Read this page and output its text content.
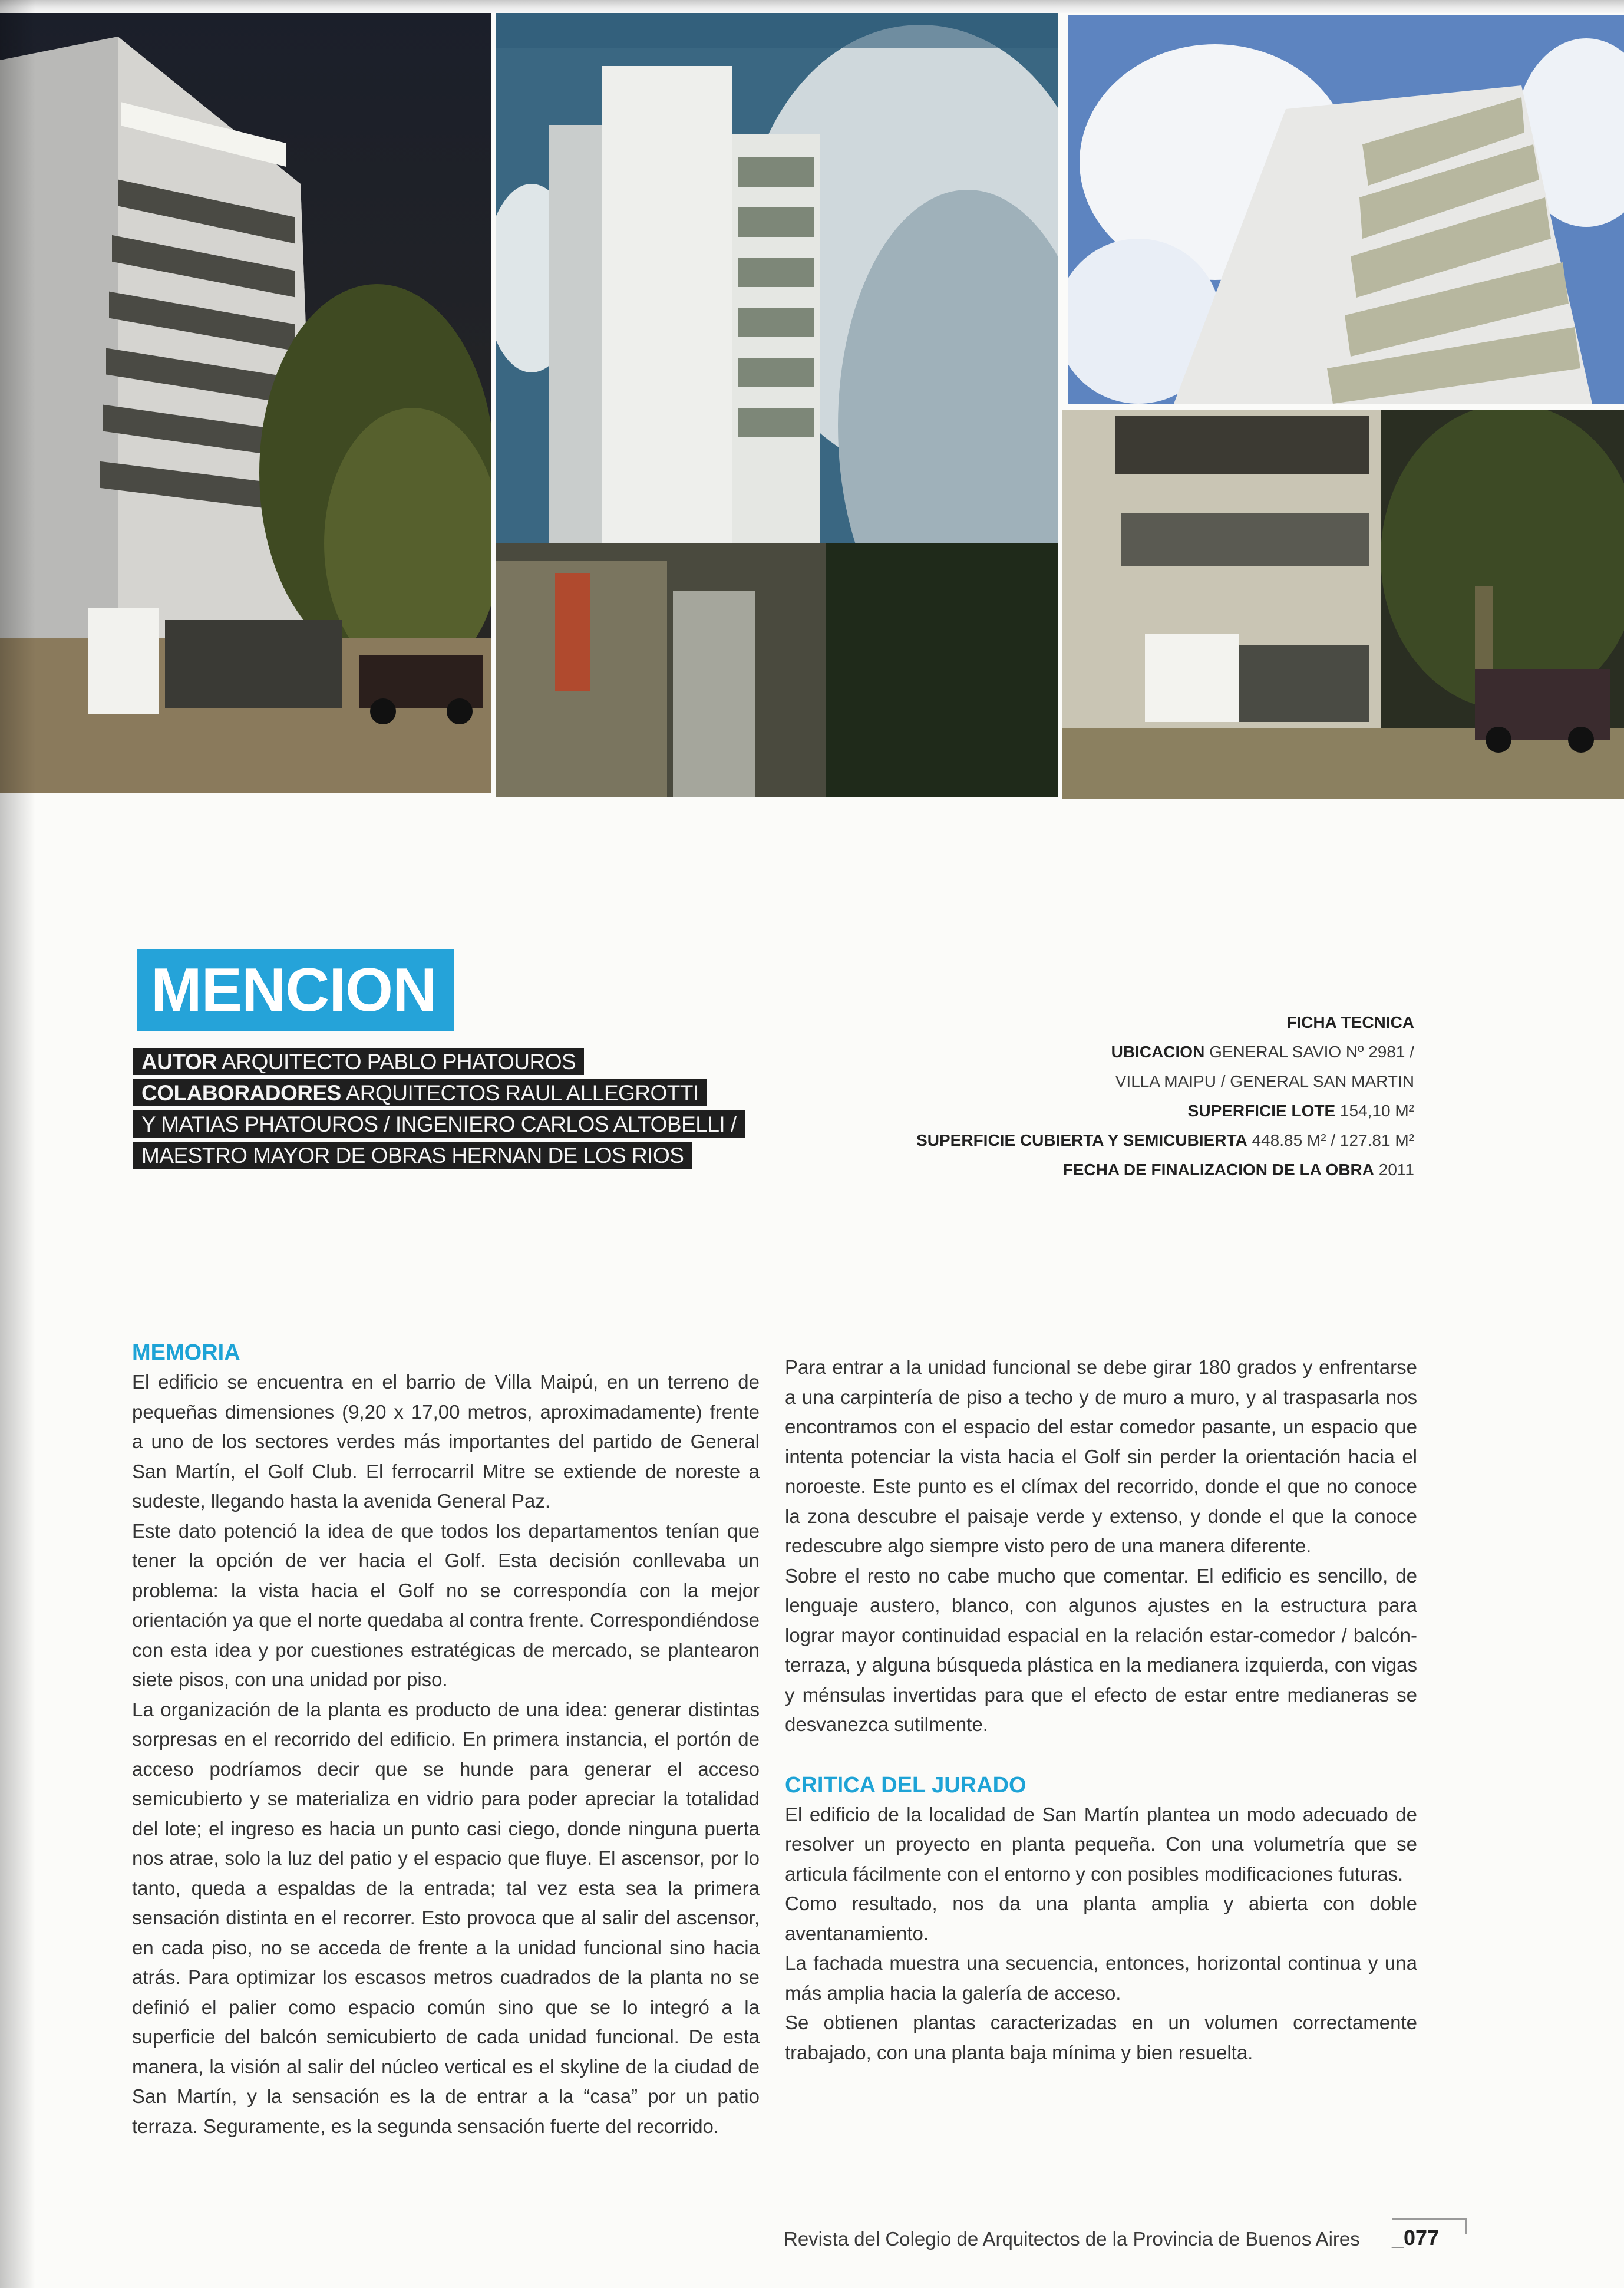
MENCION
AUTOR ARQUITECTO PABLO PHATOUROS
COLABORADORES ARQUITECTOS RAUL ALLEGROTTI
Y MATIAS PHATOUROS / INGENIERO CARLOS ALTOBELLI /
MAESTRO MAYOR DE OBRAS HERNAN DE LOS RIOS
FICHA TECNICA
UBICACION GENERAL SAVIO Nº 2981 /
VILLA MAIPU / GENERAL SAN MARTIN
SUPERFICIE LOTE 154,10 M²
SUPERFICIE CUBIERTA Y SEMICUBIERTA 448.85 M² / 127.81 M²
FECHA DE FINALIZACION DE LA OBRA 2011
MEMORIA

El edificio se encuentra en el barrio de Villa Maipú, en un terreno de pequeñas dimensiones (9,20 x 17,00 metros, aproximadamente) frente a uno de los sectores verdes más importantes del partido de General San Martín, el Golf Club. El ferrocarril Mitre se extiende de noreste a sudeste, llegando hasta la avenida General Paz.

Este dato potenció la idea de que todos los departamentos tenían que tener la opción de ver hacia el Golf. Esta decisión conllevaba un problema: la vista hacia el Golf no se correspondía con la mejor orientación ya que el norte quedaba al contra frente. Correspondiéndose con esta idea y por cuestiones estratégicas de mercado, se plantearon siete pisos, con una unidad por piso.

La organización de la planta es producto de una idea: generar distintas sorpresas en el recorrido del edificio. En primera instancia, el portón de acceso podríamos decir que se hunde para generar el acceso semicubierto y se materializa en vidrio para poder apreciar la totalidad del lote; el ingreso es hacia un punto casi ciego, donde ninguna puerta nos atrae, solo la luz del patio y el espacio que fluye. El ascensor, por lo tanto, queda a espaldas de la entrada; tal vez esta sea la primera sensación distinta en el recorrer. Esto provoca que al salir del ascensor, en cada piso, no se acceda de frente a la unidad funcional sino hacia atrás. Para optimizar los escasos metros cuadrados de la planta no se definió el palier como espacio común sino que se lo integró a la superficie del balcón semicubierto de cada unidad funcional. De esta manera, la visión al salir del núcleo vertical es el skyline de la ciudad de San Martín, y la sensación es la de entrar a la “casa” por un patio terraza. Seguramente, es la segunda sensación fuerte del recorrido.

Para entrar a la unidad funcional se debe girar 180 grados y enfrentarse a una carpintería de piso a techo y de muro a muro, y al traspasarla nos encontramos con el espacio del estar comedor pasante, un espacio que intenta potenciar la vista hacia el Golf sin perder la orientación hacia el noroeste. Este punto es el clímax del recorrido, donde el que no conoce la zona descubre el paisaje verde y extenso, y donde el que la conoce redescubre algo siempre visto pero de una manera diferente.

Sobre el resto no cabe mucho que comentar. El edificio es sencillo, de lenguaje austero, blanco, con algunos ajustes en la estructura para lograr mayor continuidad espacial en la relación estar-comedor / balcón-terraza, y alguna búsqueda plástica en la medianera izquierda, con vigas y ménsulas invertidas para que el efecto de estar entre medianeras se desvanezca sutilmente.

CRITICA DEL JURADO

El edificio de la localidad de San Martín plantea un modo adecuado de resolver un proyecto en planta pequeña. Con una volumetría que se articula fácilmente con el entorno y con posibles modificaciones futuras.

Como resultado, nos da una planta amplia y abierta con doble aventanamiento.

La fachada muestra una secuencia, entonces, horizontal continua y una más amplia hacia la galería de acceso.

Se obtienen plantas caracterizadas en un volumen correctamente trabajado, con una planta baja mínima y bien resuelta.

Revista del Colegio de Arquitectos de la Provincia de Buenos Aires _077
